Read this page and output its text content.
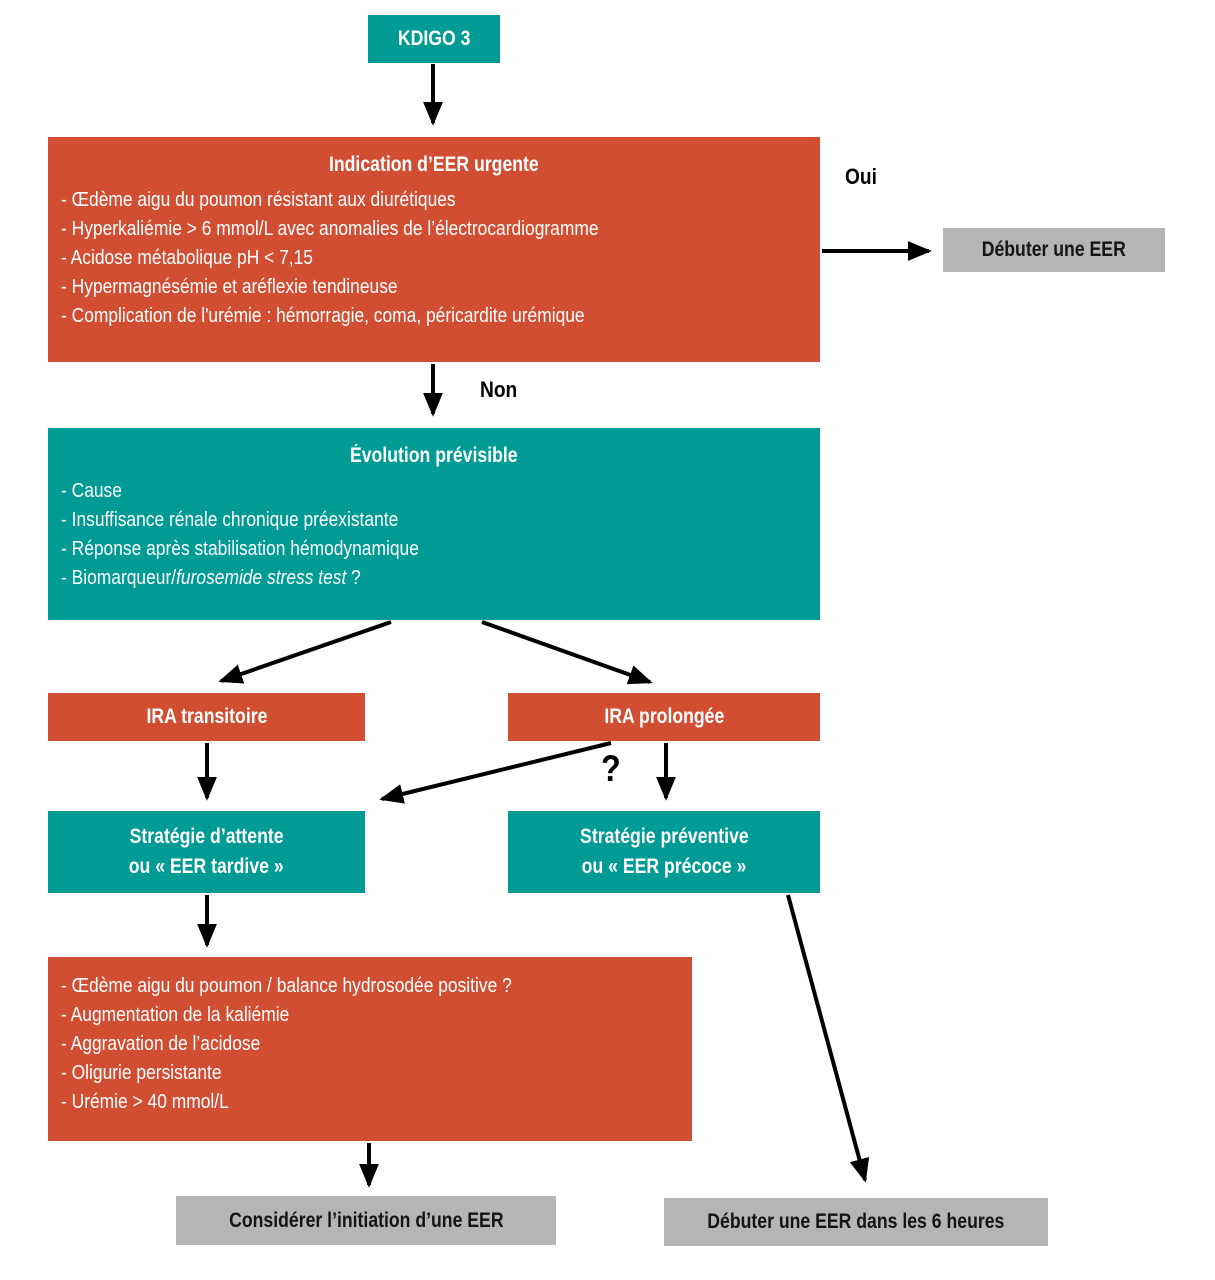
KDIGO 3
Indication d’EER urgente
- Œdème aigu du poumon résistant aux diurétiques
- Hyperkaliémie > 6 mmol/L avec anomalies de l’électrocardiogramme
- Acidose métabolique pH < 7,15
- Hypermagnésémie et aréflexie tendineuse
- Complication de l'urémie : hémorragie, coma, péricardite urémique
Oui
Débuter une EER
Non
Évolution prévisible
- Cause
- Insuffisance rénale chronique préexistante
- Réponse après stabilisation hémodynamique
- Biomarqueur/furosemide stress test ?
IRA transitoire	IRA prolongée
?
Stratégie d’attente
ou « EER tardive »
Stratégie préventive
ou « EER précoce »
- Œdème aigu du poumon / balance hydrosodée positive ?
- Augmentation de la kaliémie
- Aggravation de l’acidose
- Oligurie persistante
- Urémie > 40 mmol/L
Considérer l’initiation d’une EER	Débuter une EER dans les 6 heures
